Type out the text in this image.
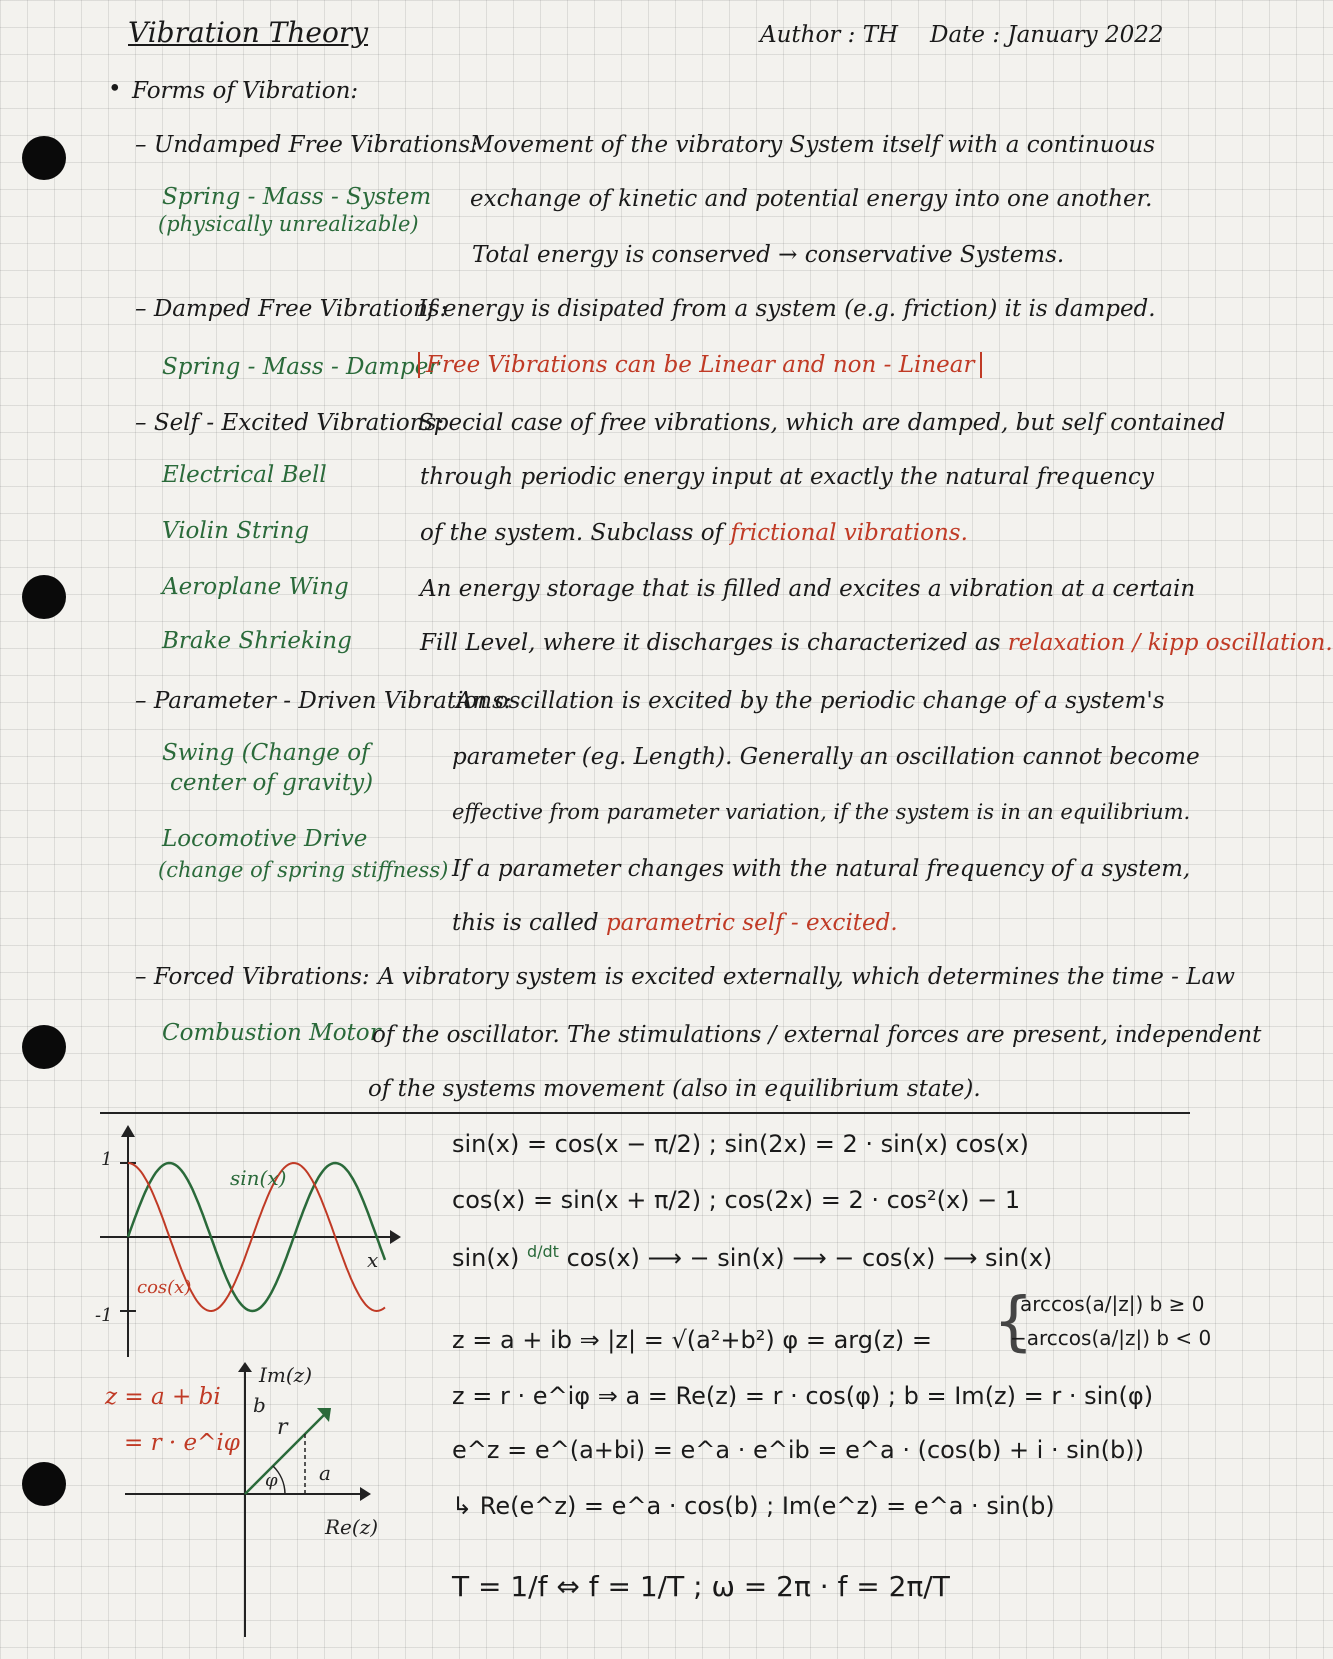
Vibration Theory	Author : TH Date : January 2022
• Forms of Vibration:
– Undamped Free Vibrations:
Movement of the vibratory System itself with a continuous
Spring - Mass - System
(physically unrealizable)
exchange of kinetic and potential energy into one another.
Total energy is conserved → conservative Systems.
– Damped Free Vibrations:
If energy is disipated from a system (e.g. friction) it is damped.
Spring - Mass - Damper
Free Vibrations can be Linear and non - Linear
– Self - Excited Vibrations:
Special case of free vibrations, which are damped, but self contained
Electrical Bell
Violin String
Aeroplane Wing
Brake Shrieking
through periodic energy input at exactly the natural frequency
of the system. Subclass of frictional vibrations.
An energy storage that is filled and excites a vibration at a certain
Fill Level, where it discharges is characterized as relaxation / kipp oscillation.
– Parameter - Driven Vibrations:
An oscillation is excited by the periodic change of a system's
Swing (Change of
center of gravity)
Locomotive Drive
(change of spring stiffness)
parameter (eg. Length). Generally an oscillation cannot become
effective from parameter variation, if the system is in an equilibrium.
If a parameter changes with the natural frequency of a system,
this is called parametric self - excited.
– Forced Vibrations: A vibratory system is excited externally, which determines the time - Law
Combustion Motor
of the oscillator. The stimulations / external forces are present, independent
of the systems movement (also in equilibrium state).
sin(x)
cos(x)
x
1
-1
z = a + bi
= r · e^iφ
Im(z)
Re(z)
b
a
r
φ
sin(x) = cos(x − π/2) ; sin(2x) = 2 · sin(x) cos(x)
cos(x) = sin(x + π/2) ; cos(2x) = 2 · cos²(x) − 1
sin(x) $^{d/dt}$ cos(x) ⟶ − sin(x) ⟶ − cos(x) ⟶ sin(x)
z = a + ib ⇒ |z| = √(a²+b²) φ = arg(z) = {
arccos(a/|z|) b ≥ 0
−arccos(a/|z|) b < 0
z = r · e^iφ ⇒ a = Re(z) = r · cos(φ) ; b = Im(z) = r · sin(φ)
e^z = e^(a+bi) = e^a · e^ib = e^a · (cos(b) + i · sin(b))
↳ Re(e^z) = e^a · cos(b) ; Im(e^z) = e^a · sin(b)
T = 1/f ⇔ f = 1/T ; ω = 2π · f = 2π/T
